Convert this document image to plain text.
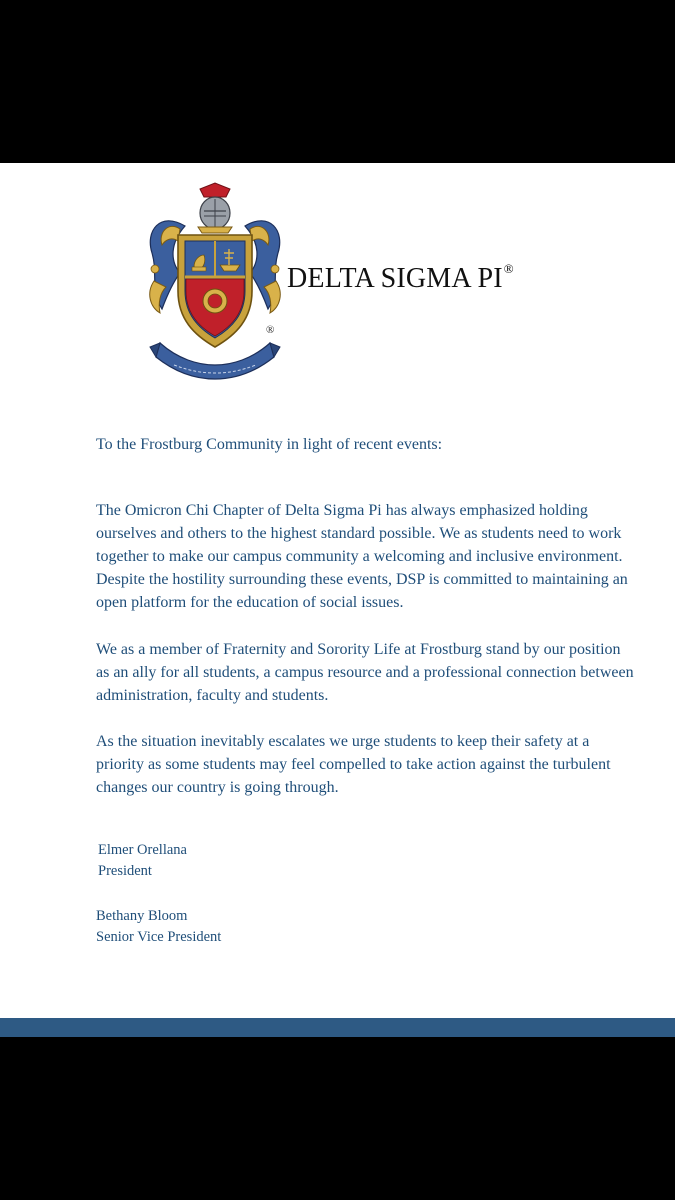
®
DELTA SIGMA PI®

To the Frostburg Community in light of recent events:

The Omicron Chi Chapter of Delta Sigma Pi has always emphasized holding ourselves and others to the highest standard possible. We as students need to work together to make our campus community a welcoming and inclusive environment. Despite the hostility surrounding these events, DSP is committed to maintaining an open platform for the education of social issues.

We as a member of Fraternity and Sorority Life at Frostburg stand by our position as an ally for all students, a campus resource and a professional connection between administration, faculty and students.

As the situation inevitably escalates we urge students to keep their safety at a priority as some students may feel compelled to take action against the turbulent changes our country is going through.

Elmer Orellana
President
Bethany Bloom
Senior Vice President
